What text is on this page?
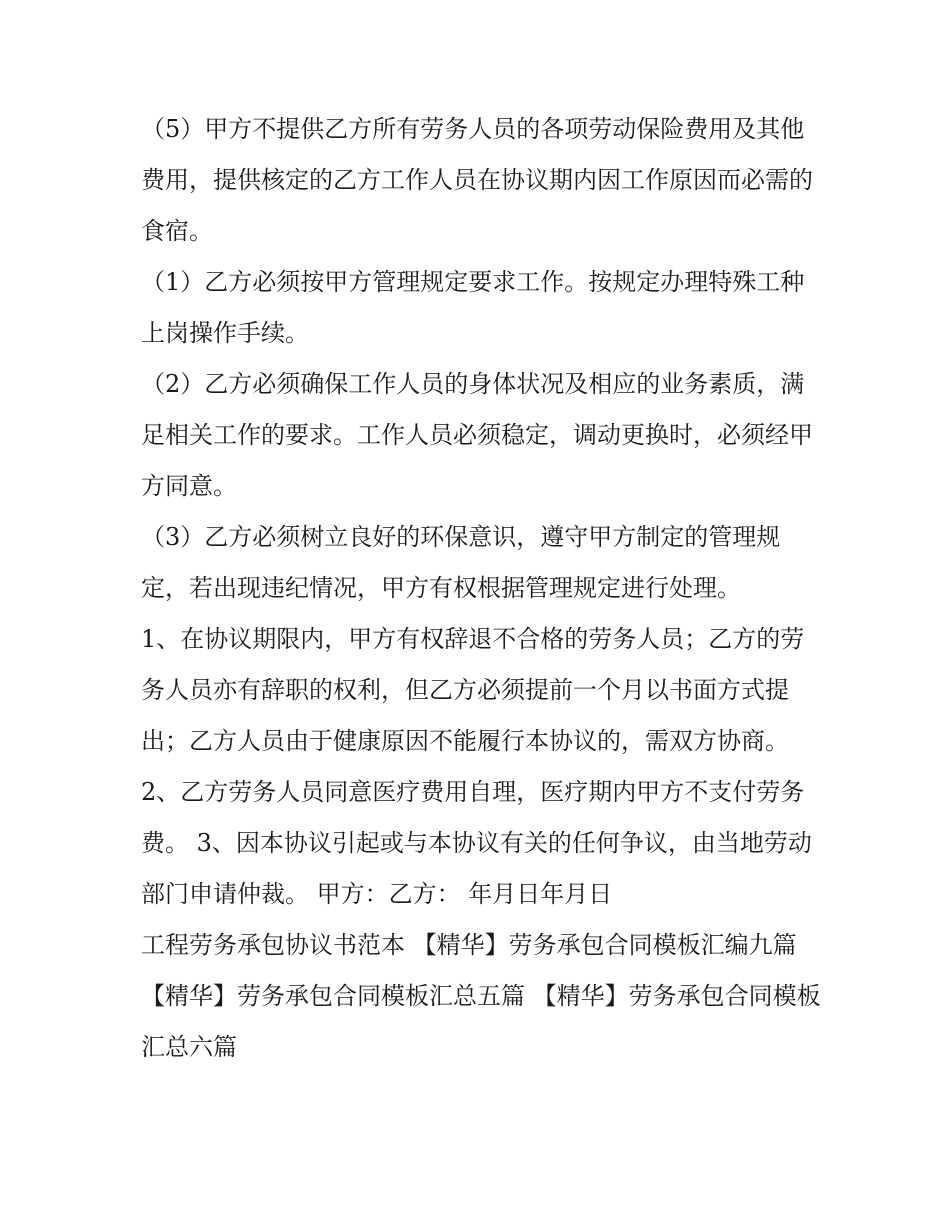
（5）甲方不提供乙方所有劳务人员的各项劳动保险费用及其他费用，提供核定的乙方工作人员在协议期内因工作原因而必需的食宿。

（1）乙方必须按甲方管理规定要求工作。按规定办理特殊工种上岗操作手续。

（2）乙方必须确保工作人员的身体状况及相应的业务素质，满足相关工作的要求。工作人员必须稳定，调动更换时，必须经甲方同意。

（3）乙方必须树立良好的环保意识，遵守甲方制定的管理规定，若出现违纪情况，甲方有权根据管理规定进行处理。

1、在协议期限内，甲方有权辞退不合格的劳务人员；乙方的劳务人员亦有辞职的权利，但乙方必须提前一个月以书面方式提出；乙方人员由于健康原因不能履行本协议的，需双方协商。

2、乙方劳务人员同意医疗费用自理，医疗期内甲方不支付劳务费。 3、因本协议引起或与本协议有关的任何争议，由当地劳动部门申请仲裁。 甲方：乙方： 年月日年月日

工程劳务承包协议书范本 【精华】劳务承包合同模板汇编九篇 【精华】劳务承包合同模板汇总五篇 【精华】劳务承包合同模板汇总六篇
